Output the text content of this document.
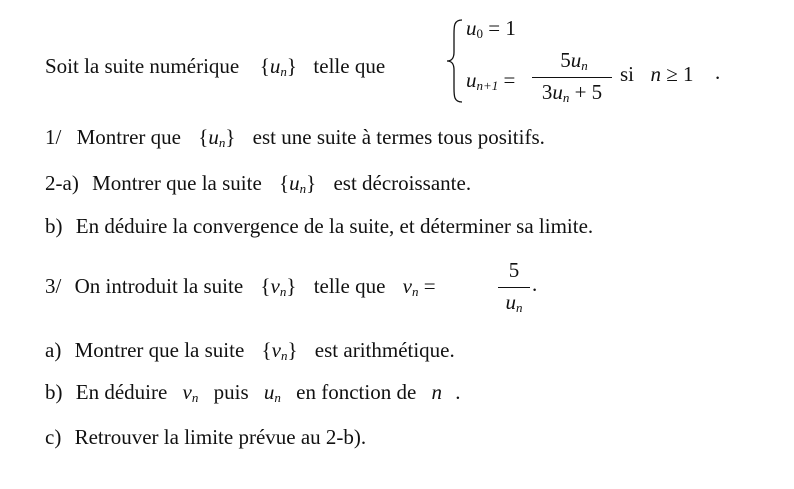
Soit la suite numérique $\{u_n\}$ telle que
$u_0 = 1$
$u_{n+1}$ =
$5u_n$
$3u_n + 5$
si n ≥ 1 .
1/ Montrer que $\{u_n\}$ est une suite à termes tous positifs.
2-a) Montrer que la suite $\{u_n\}$ est décroissante.
b) En déduire la convergence de la suite, et déterminer sa limite.
3/ On introduit la suite $\{v_n\}$ telle que $v_n$ =
5
$u_n$
.
a) Montrer que la suite $\{v_n\}$ est arithmétique.
b) En déduire $v_n$ puis $u_n$ en fonction de n .
c) Retrouver la limite prévue au 2-b).
